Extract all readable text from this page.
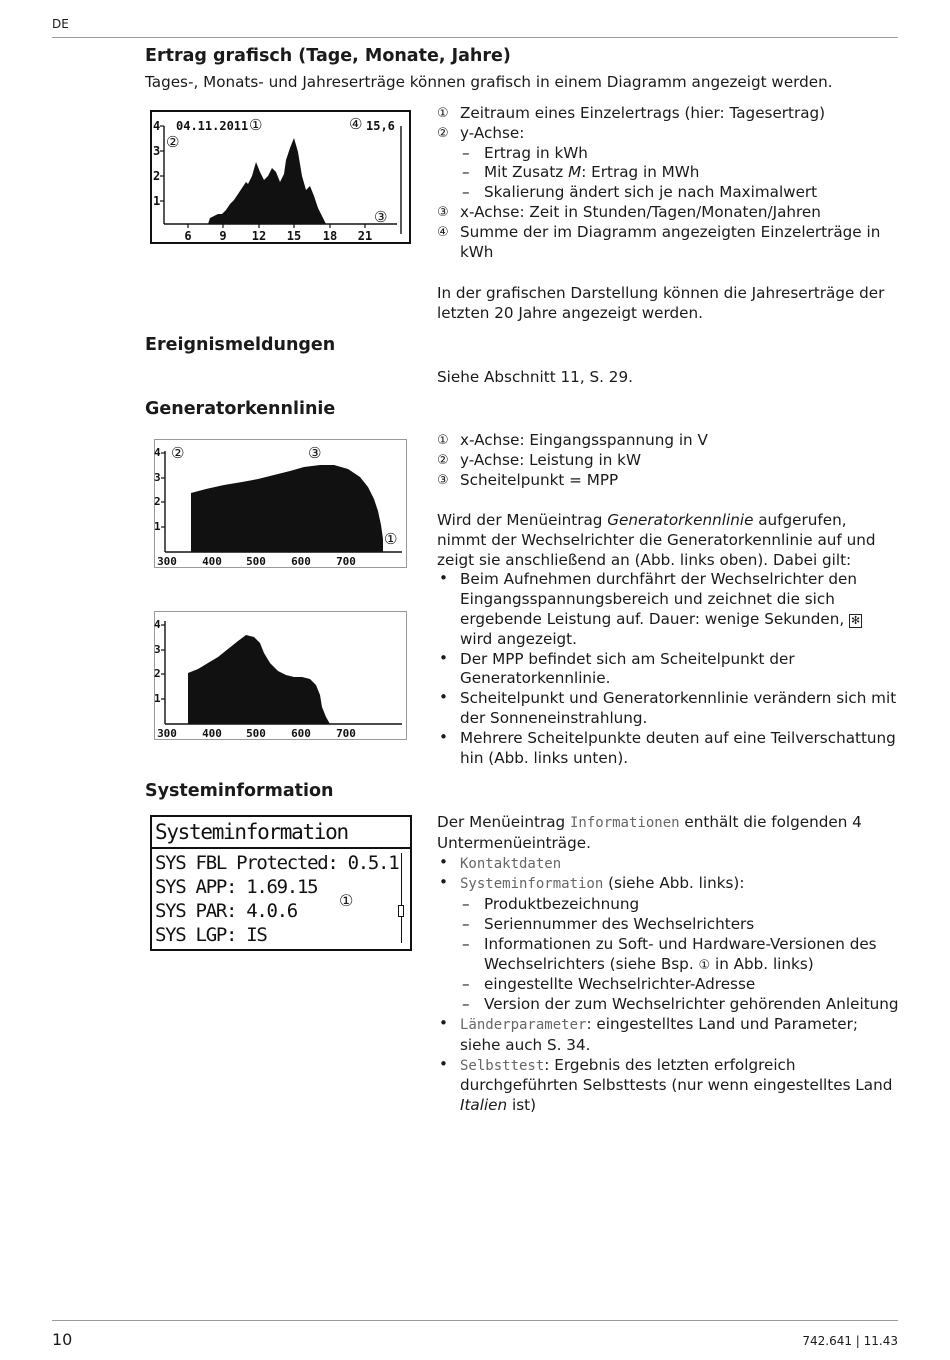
DE
Ertrag grafisch (Tage, Monate, Jahre)
Tages-, Monats- und Jahreserträge können grafisch in einem Diagramm angezeigt werden.
4
3
2
1
6 9 12 15 18 21
04.11.2011	15,6
①
②
③
④
① Zeitraum eines Einzelertrags (hier: Tagesertrag)
② y-Achse:
– Ertrag in kWh
– Mit Zusatz M: Ertrag in MWh
– Skalierung ändert sich je nach Maximalwert
③ x-Achse: Zeit in Stunden/Tagen/Monaten/Jahren
④ Summe der im Diagramm angezeigten Einzelerträge in kWh
In der grafischen Darstellung können die Jahreserträge der letzten 20 Jahre angezeigt werden.
Ereignismeldungen
Siehe Abschnitt 11, S. 29.
Generatorkennlinie
4
3
2
1
300 400 500 600 700
①
②	③
4
3
2
1
300 400 500 600 700
① x-Achse: Eingangsspannung in V
② y-Achse: Leistung in kW
③ Scheitelpunkt = MPP
Wird der Menüeintrag Generatorkennlinie aufgerufen, nimmt der Wechselrichter die Generatorkennlinie auf und zeigt sie anschließend an (Abb. links oben). Dabei gilt:
• Beim Aufnehmen durchfährt der Wechselrichter den Eingangsspannungsbereich und zeichnet die sich ergebende Leistung auf. Dauer: wenige Sekunden, ✻ wird angezeigt.
• Der MPP befindet sich am Scheitelpunkt der Generatorkennlinie.
• Scheitelpunkt und Generatorkennlinie verändern sich mit der Sonneneinstrahlung.
• Mehrere Scheitelpunkte deuten auf eine Teilverschattung hin (Abb. links unten).
Systeminformation
Systeminformation
SYS FBL Protected: 0.5.1
SYS APP: 1.69.15
SYS PAR: 4.0.6
SYS LGP: IS
①
Der Menüeintrag Informationen enthält die folgenden 4 Untermenüeinträge.
• Kontaktdaten
• Systeminformation (siehe Abb. links):
– Produktbezeichnung
– Seriennummer des Wechselrichters
– Informationen zu Soft- und Hardware-Versionen des Wechselrichters (siehe Bsp. ① in Abb. links)
– eingestellte Wechselrichter-Adresse
– Version der zum Wechselrichter gehörenden Anleitung
• Länderparameter: eingestelltes Land und Parameter; siehe auch S. 34.
• Selbsttest: Ergebnis des letzten erfolgreich durchgeführten Selbsttests (nur wenn eingestelltes Land Italien ist)
10	742.641 | 11.43
